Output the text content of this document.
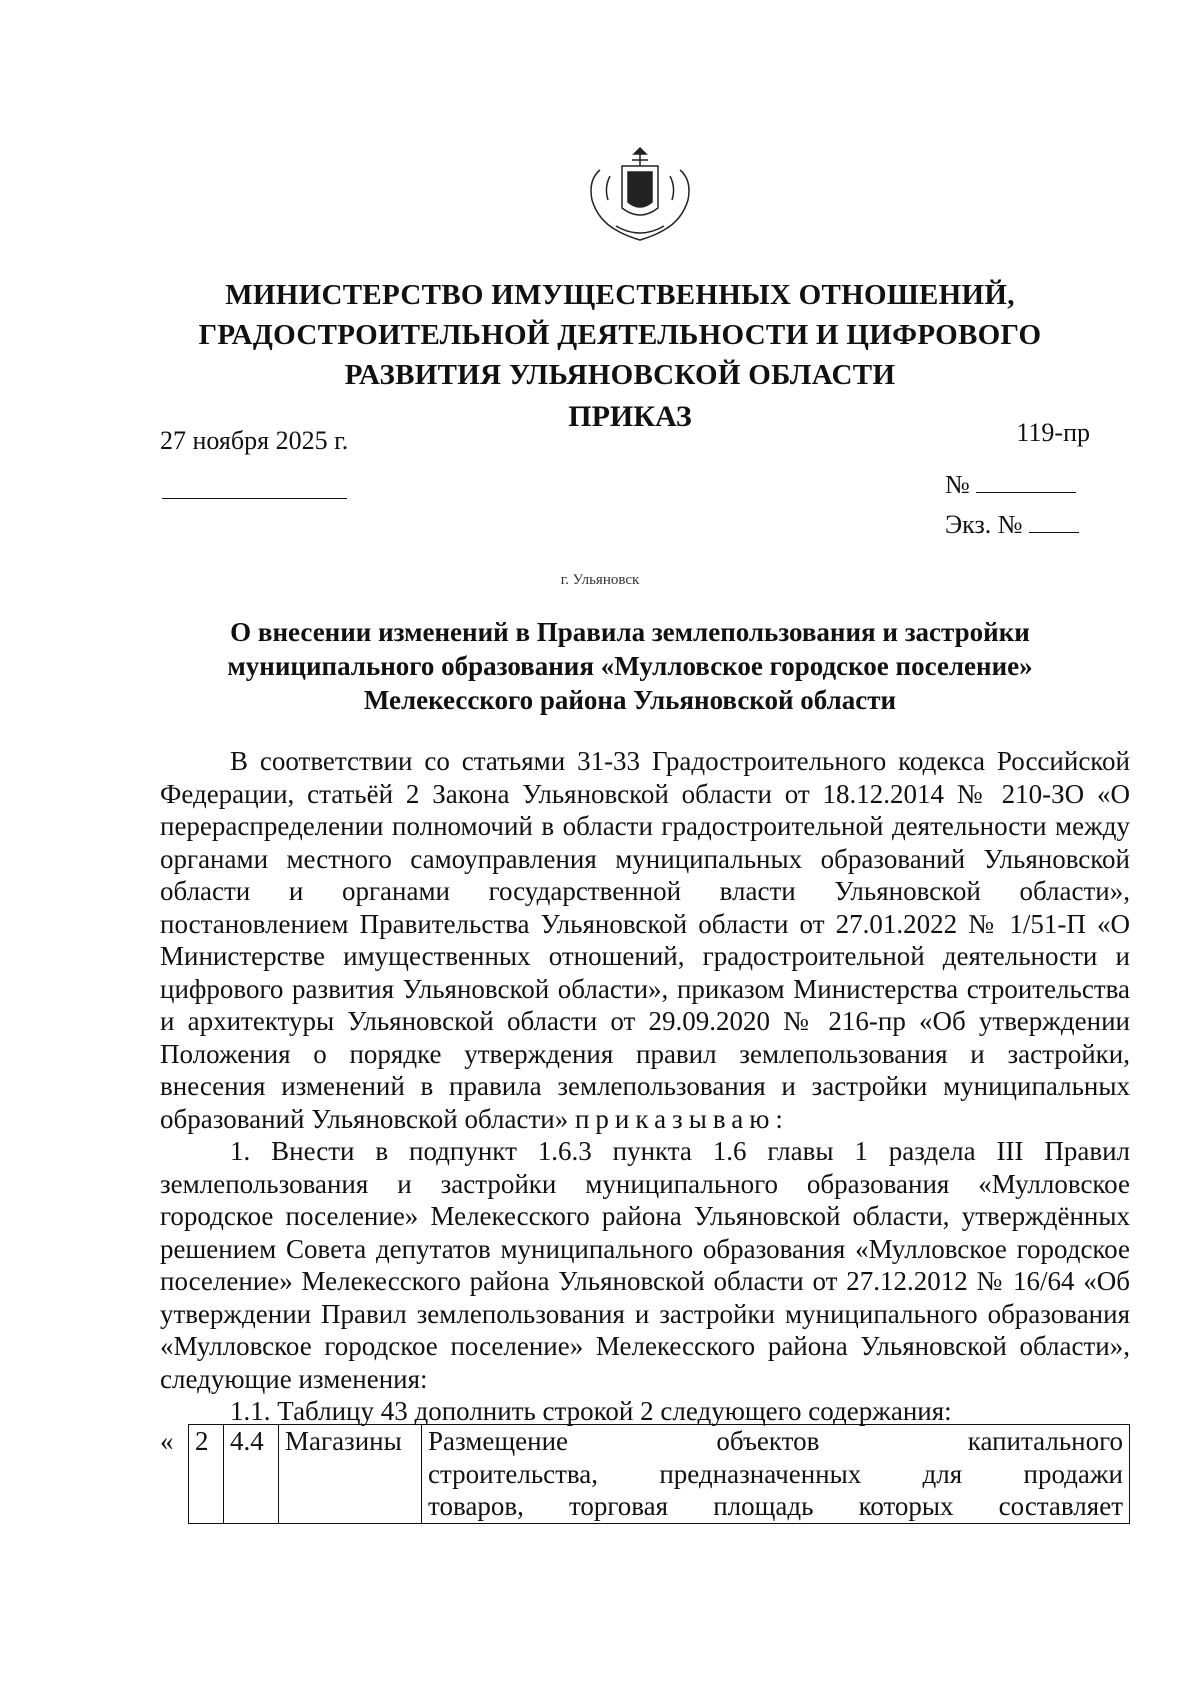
МИНИСТЕРСТВО ИМУЩЕСТВЕННЫХ ОТНОШЕНИЙ,
ГРАДОСТРОИТЕЛЬНОЙ ДЕЯТЕЛЬНОСТИ И ЦИФРОВОГО
РАЗВИТИЯ УЛЬЯНОВСКОЙ ОБЛАСТИ
ПРИКАЗ
27 ноября 2025 г.	119-пр
№
Экз. №
г. Ульяновск
О внесении изменений в Правила землепользования и застройки
муниципального образования «Мулловское городское поселение»
Мелекесского района Ульяновской области

В соответствии со статьями 31-33 Градостроительного кодекса Российской Федерации, статьёй 2 Закона Ульяновской области от 18.12.2014 № 210-ЗО «О перераспределении полномочий в области градостроительной деятельности между органами местного самоуправления муниципальных образований Ульяновской области и органами государственной власти Ульяновской области», постановлением Правительства Ульяновской области от 27.01.2022 № 1/51-П «О Министерстве имущественных отношений, градостроительной деятельности и цифрового развития Ульяновской области», приказом Министерства строительства и архитектуры Ульяновской области от 29.09.2020 № 216-пр «Об утверждении Положения о порядке утверждения правил землепользования и застройки, внесения изменений в правила землепользования и застройки муниципальных образований Ульяновской области» приказываю:

1. Внести в подпункт 1.6.3 пункта 1.6 главы 1 раздела III Правил землепользования и застройки муниципального образования «Мулловское городское поселение» Мелекесского района Ульяновской области, утверждённых решением Совета депутатов муниципального образования «Мулловское городское поселение» Мелекесского района Ульяновской области от 27.12.2012 № 16/64 «Об утверждении Правил землепользования и застройки муниципального образования «Мулловское городское поселение» Мелекесского района Ульяновской области», следующие изменения:

1.1. Таблицу 43 дополнить строкой 2 следующего содержания:

« 2	4.4	Магазины	Размещение объектов капитального
строительства, предназначенных для продажи
товаров, торговая площадь которых составляет
